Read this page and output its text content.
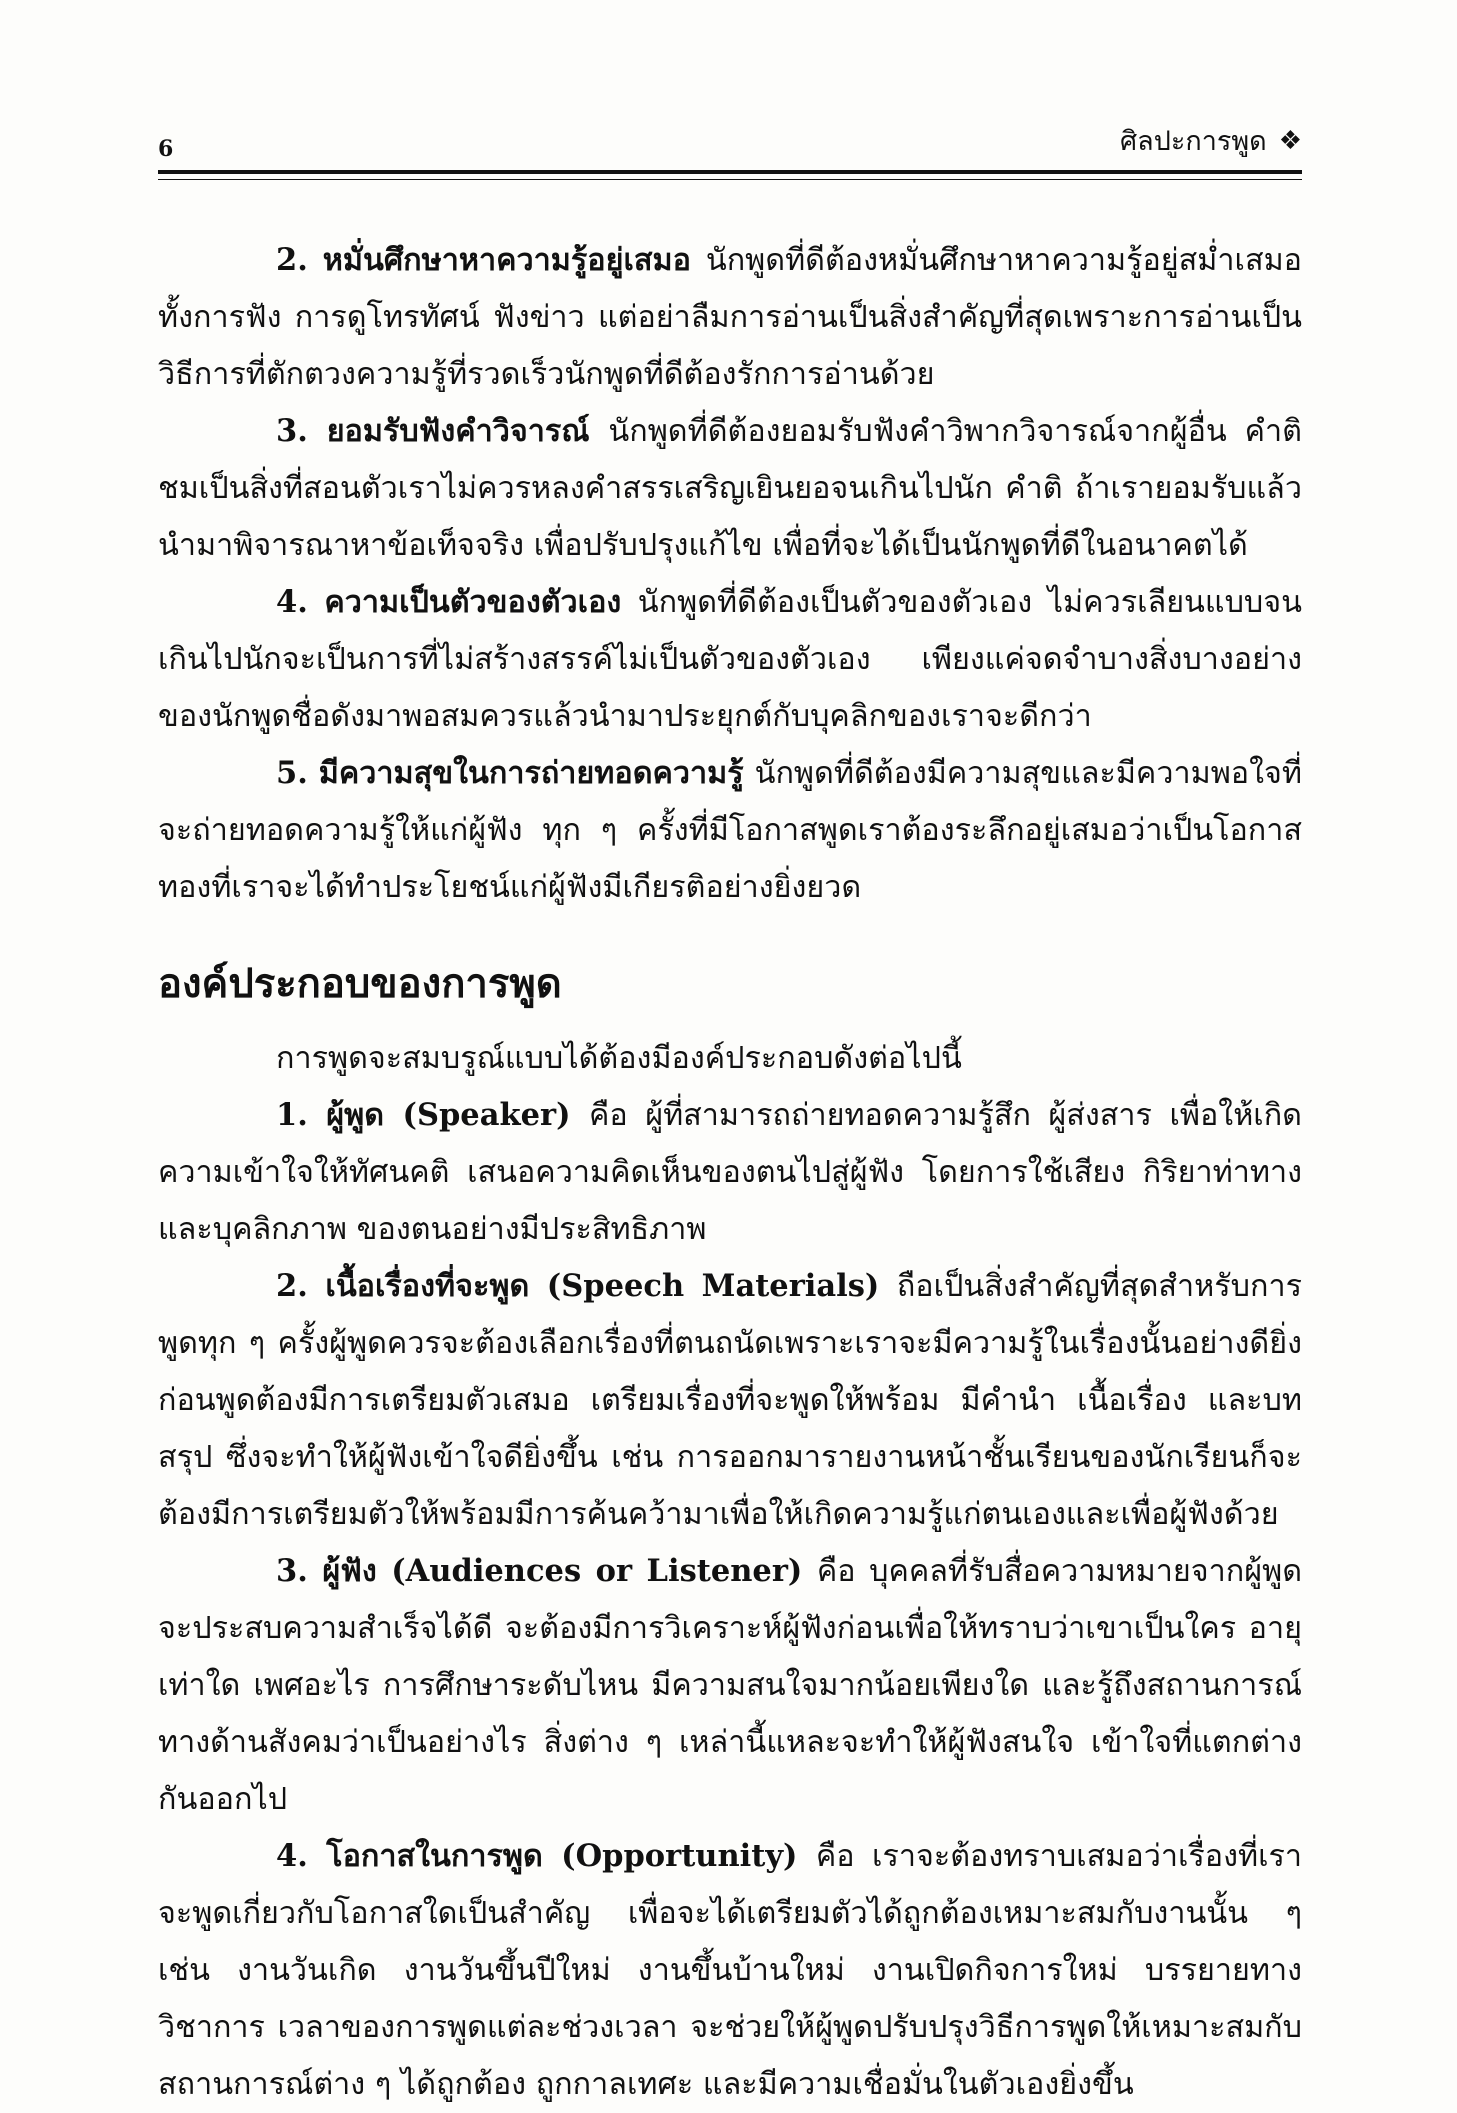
6	ศิลปะการพูด ❖

2. หมั่นศึกษาหาความรู้อยู่เสมอ นักพูดที่ดีต้องหมั่นศึกษาหาความรู้อยู่สม่ำเสมอ ทั้งการฟัง การดูโทรทัศน์ ฟังข่าว แต่อย่าลืมการอ่านเป็นสิ่งสำคัญที่สุดเพราะการอ่านเป็นวิธีการที่ตักตวงความรู้ที่รวดเร็วนักพูดที่ดีต้องรักการอ่านด้วย

3. ยอมรับฟังคำวิจารณ์ นักพูดที่ดีต้องยอมรับฟังคำวิพากวิจารณ์จากผู้อื่น คำติชมเป็นสิ่งที่สอนตัวเราไม่ควรหลงคำสรรเสริญเยินยอจนเกินไปนัก คำติ ถ้าเรายอมรับแล้วนำมาพิจารณาหาข้อเท็จจริง เพื่อปรับปรุงแก้ไข เพื่อที่จะได้เป็นนักพูดที่ดีในอนาคตได้

4. ความเป็นตัวของตัวเอง นักพูดที่ดีต้องเป็นตัวของตัวเอง ไม่ควรเลียนแบบจนเกินไปนักจะเป็นการที่ไม่สร้างสรรค์ไม่เป็นตัวของตัวเอง เพียงแค่จดจำบางสิ่งบางอย่างของนักพูดชื่อดังมาพอสมควรแล้วนำมาประยุกต์กับบุคลิกของเราจะดีกว่า

5. มีความสุขในการถ่ายทอดความรู้ นักพูดที่ดีต้องมีความสุขและมีความพอใจที่จะถ่ายทอดความรู้ให้แก่ผู้ฟัง ทุก ๆ ครั้งที่มีโอกาสพูดเราต้องระลึกอยู่เสมอว่าเป็นโอกาสทองที่เราจะได้ทำประโยชน์แก่ผู้ฟังมีเกียรติอย่างยิ่งยวด

องค์ประกอบของการพูด

การพูดจะสมบรูณ์แบบได้ต้องมีองค์ประกอบดังต่อไปนี้

1. ผู้พูด (Speaker) คือ ผู้ที่สามารถถ่ายทอดความรู้สึก ผู้ส่งสาร เพื่อให้เกิดความเข้าใจให้ทัศนคติ เสนอความคิดเห็นของตนไปสู่ผู้ฟัง โดยการใช้เสียง กิริยาท่าทาง และบุคลิกภาพ ของตนอย่างมีประสิทธิภาพ

2. เนื้อเรื่องที่จะพูด (Speech Materials) ถือเป็นสิ่งสำคัญที่สุดสำหรับการพูดทุก ๆ ครั้งผู้พูดควรจะต้องเลือกเรื่องที่ตนถนัดเพราะเราจะมีความรู้ในเรื่องนั้นอย่างดียิ่ง ก่อนพูดต้องมีการเตรียมตัวเสมอ เตรียมเรื่องที่จะพูดให้พร้อม มีคำนำ เนื้อเรื่อง และบทสรุป ซึ่งจะทำให้ผู้ฟังเข้าใจดียิ่งขึ้น เช่น การออกมารายงานหน้าชั้นเรียนของนักเรียนก็จะต้องมีการเตรียมตัวให้พร้อมมีการค้นคว้ามาเพื่อให้เกิดความรู้แก่ตนเองและเพื่อผู้ฟังด้วย

3. ผู้ฟัง (Audiences or Listener) คือ บุคคลที่รับสื่อความหมายจากผู้พูดจะประสบความสำเร็จได้ดี จะต้องมีการวิเคราะห์ผู้ฟังก่อนเพื่อให้ทราบว่าเขาเป็นใคร อายุเท่าใด เพศอะไร การศึกษาระดับไหน มีความสนใจมากน้อยเพียงใด และรู้ถึงสถานการณ์ทางด้านสังคมว่าเป็นอย่างไร สิ่งต่าง ๆ เหล่านี้แหละจะทำให้ผู้ฟังสนใจ เข้าใจที่แตกต่างกันออกไป

4. โอกาสในการพูด (Opportunity) คือ เราจะต้องทราบเสมอว่าเรื่องที่เราจะพูดเกี่ยวกับโอกาสใดเป็นสำคัญ เพื่อจะได้เตรียมตัวได้ถูกต้องเหมาะสมกับงานนั้น ๆ เช่น งานวันเกิด งานวันขึ้นปีใหม่ งานขึ้นบ้านใหม่ งานเปิดกิจการใหม่ บรรยายทางวิชาการ เวลาของการพูดแต่ละช่วงเวลา จะช่วยให้ผู้พูดปรับปรุงวิธีการพูดให้เหมาะสมกับสถานการณ์ต่าง ๆ ได้ถูกต้อง ถูกกาลเทศะ และมีความเชื่อมั่นในตัวเองยิ่งขึ้น
